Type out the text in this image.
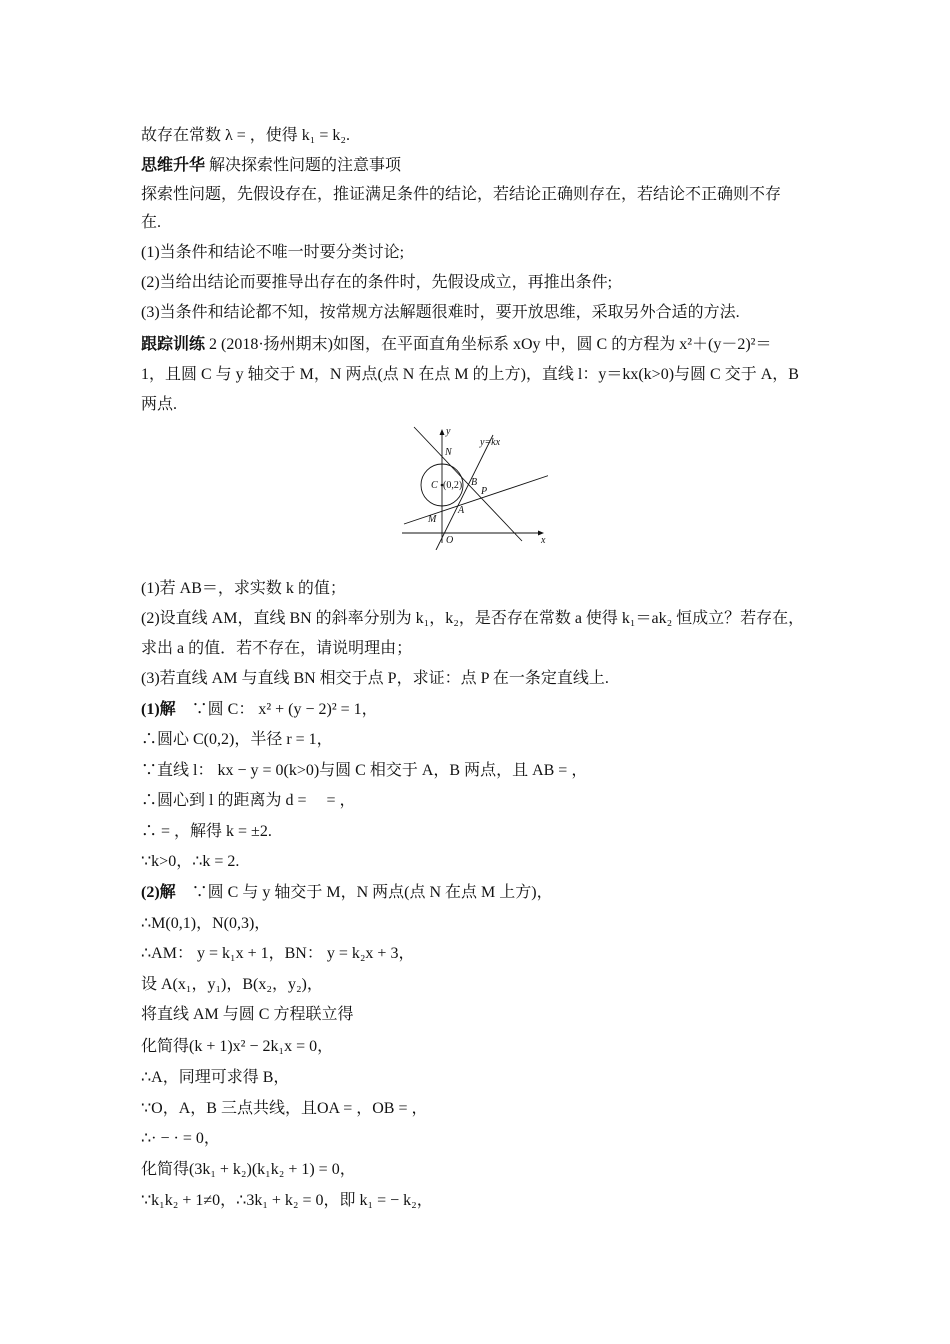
故存在常数 λ = ，使得 k₁ = k₂.
思维升华 解决探索性问题的注意事项
探索性问题，先假设存在，推证满足条件的结论，若结论正确则存在，若结论不正确则不存
在.
(1)当条件和结论不唯一时要分类讨论;
(2)当给出结论而要推导出存在的条件时，先假设成立，再推出条件;
(3)当条件和结论都不知，按常规方法解题很难时，要开放思维，采取另外合适的方法.
跟踪训练 2 (2018·扬州期末)如图，在平面直角坐标系 xOy 中，圆 C 的方程为 x²＋(y－2)²＝
1，且圆 C 与 y 轴交于 M，N 两点(点 N 在点 M 的上方)，直线 l：y＝kx(k>0)与圆 C 交于 A，B
两点.
y
x
O
y=kx
N
C (0,2) B
P
A
M
(1)若 AB＝，求实数 k 的值；
(2)设直线 AM，直线 BN 的斜率分别为 k₁，k₂，是否存在常数 a 使得 k₁＝ak₂ 恒成立？若存在，
求出 a 的值．若不存在，请说明理由；
(3)若直线 AM 与直线 BN 相交于点 P，求证：点 P 在一条定直线上.
(1)解 ∵圆 C： x² + (y − 2)² = 1，
∴圆心 C(0,2)，半径 r = 1，
∵直线 l： kx − y = 0(k>0)与圆 C 相交于 A，B 两点，且 AB = ，
∴圆心到 l 的距离为 d =　 = ，
∴ = ，解得 k = ±2.
∵k>0，∴k = 2.
(2)解 ∵圆 C 与 y 轴交于 M，N 两点(点 N 在点 M 上方)，
∴M(0,1)，N(0,3)，
∴AM： y = k₁x + 1，BN： y = k₂x + 3，
设 A(x₁，y₁)，B(x₂，y₂)，
将直线 AM 与圆 C 方程联立得
化简得(k + 1)x² − 2k₁x = 0，
∴A，同理可求得 B，
∵O，A，B 三点共线，且OA = ，OB = ，
∴· − · = 0，
化简得(3k₁ + k₂)(k₁k₂ + 1) = 0，
∵k₁k₂ + 1≠0，∴3k₁ + k₂ = 0，即 k₁ = − k₂，
